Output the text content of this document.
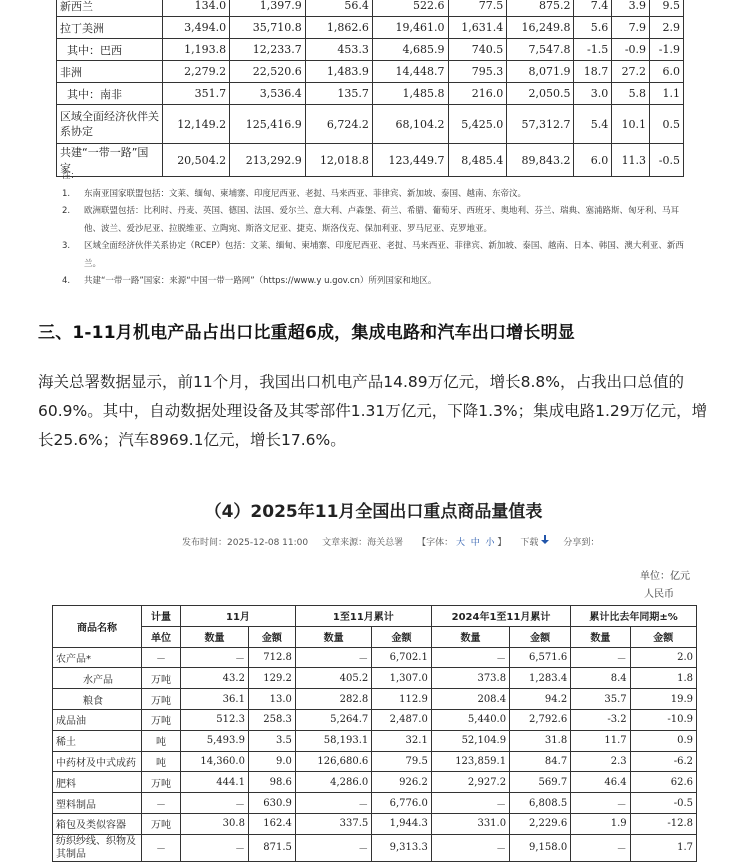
新西兰	134.0	1,397.9	56.4	522.6	77.5	875.2	7.4	3.9	9.5
拉丁美洲	3,494.0	35,710.8	1,862.6	19,461.0	1,631.4	16,249.8	5.6	7.9	2.9
其中：巴西	1,193.8	12,233.7	453.3	4,685.9	740.5	7,547.8	-1.5	-0.9	-1.9
非洲	2,279.2	22,520.6	1,483.9	14,448.7	795.3	8,071.9	18.7	27.2	6.0
其中：南非	351.7	3,536.4	135.7	1,485.8	216.0	2,050.5	3.0	5.8	1.1
区域全面经济伙伴关系协定	12,149.2	125,416.9	6,724.2	68,104.2	5,425.0	57,312.7	5.4	10.1	0.5
共建“一带一路”国家	20,504.2	213,292.9	12,018.8	123,449.7	8,485.4	89,843.2	6.0	11.3	-0.5
注：
1.	东南亚国家联盟包括：文莱、缅甸、柬埔寨、印度尼西亚、老挝、马来西亚、菲律宾、新加坡、泰国、越南、东帝汶。
2.	欧洲联盟包括：比利时、丹麦、英国、德国、法国、爱尔兰、意大利、卢森堡、荷兰、希腊、葡萄牙、西班牙、奥地利、芬兰、瑞典、塞浦路斯、匈牙利、马耳他、波兰、爱沙尼亚、拉脱维亚、立陶宛、斯洛文尼亚、捷克、斯洛伐克、保加利亚、罗马尼亚、克罗地亚。
3.	区域全面经济伙伴关系协定（RCEP）包括：文莱、缅甸、柬埔寨、印度尼西亚、老挝、马来西亚、菲律宾、新加坡、泰国、越南、日本、韩国、澳大利亚、新西兰。
4.	共建“一带一路”国家：来源“中国一带一路网”（https://www.y u.gov.cn）所列国家和地区。
三、1-11月机电产品占出口比重超6成，集成电路和汽车出口增长明显

海关总署数据显示，前11个月，我国出口机电产品14.89万亿元，增长8.8%，占我出口总值的60.9%。其中，自动数据处理设备及其零部件1.31万亿元，下降1.3%；集成电路1.29万亿元，增长25.6%；汽车8969.1亿元，增长17.6%。

（4）2025年11月全国出口重点商品量值表
发布时间：2025-12-08 11:00 文章来源：海关总署 【字体： 大 中 小 】 下载	分享到：
单位：亿元
人民币
商品名称	计量	11月		1至11月累计		2024年1至11月累计		累计比去年同期±%	
	单位	数量	金额	数量	金额	数量	金额	数量	金额
农产品*	－	－	712.8	－	6,702.1	－	6,571.6	－	2.0
水产品	万吨	43.2	129.2	405.2	1,307.0	373.8	1,283.4	8.4	1.8
粮食	万吨	36.1	13.0	282.8	112.9	208.4	94.2	35.7	19.9
成品油	万吨	512.3	258.3	5,264.7	2,487.0	5,440.0	2,792.6	-3.2	-10.9
稀土	吨	5,493.9	3.5	58,193.1	32.1	52,104.9	31.8	11.7	0.9
中药材及中式成药	吨	14,360.0	9.0	126,680.6	79.5	123,859.1	84.7	2.3	-6.2
肥料	万吨	444.1	98.6	4,286.0	926.2	2,927.2	569.7	46.4	62.6
塑料制品	－	－	630.9	－	6,776.0	－	6,808.5	－	-0.5
箱包及类似容器	万吨	30.8	162.4	337.5	1,944.3	331.0	2,229.6	1.9	-12.8
纺织纱线、织物及其制品	－	－	871.5	－	9,313.3	－	9,158.0	－	1.7
